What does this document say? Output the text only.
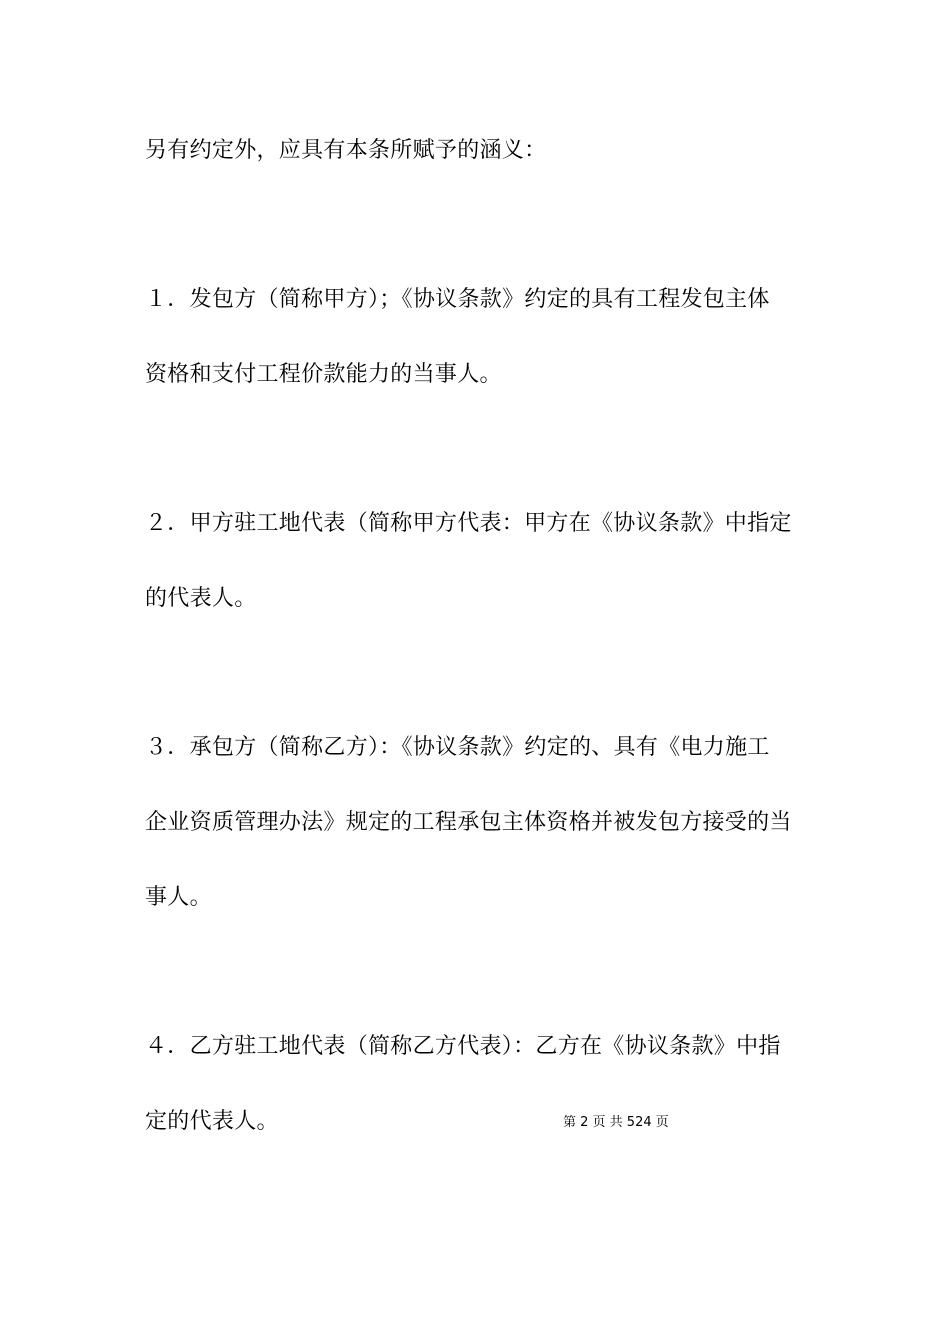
另有约定外，应具有本条所赋予的涵义：
１．发包方（简称甲方）；《协议条款》约定的具有工程发包主体
资格和支付工程价款能力的当事人。
２．甲方驻工地代表（简称甲方代表：甲方在《协议条款》中指定
的代表人。
３．承包方（简称乙方）：《协议条款》约定的、具有《电力施工
企业资质管理办法》规定的工程承包主体资格并被发包方接受的当
事人。
４．乙方驻工地代表（简称乙方代表）：乙方在《协议条款》中指
定的代表人。	第 2 页 共 524 页
